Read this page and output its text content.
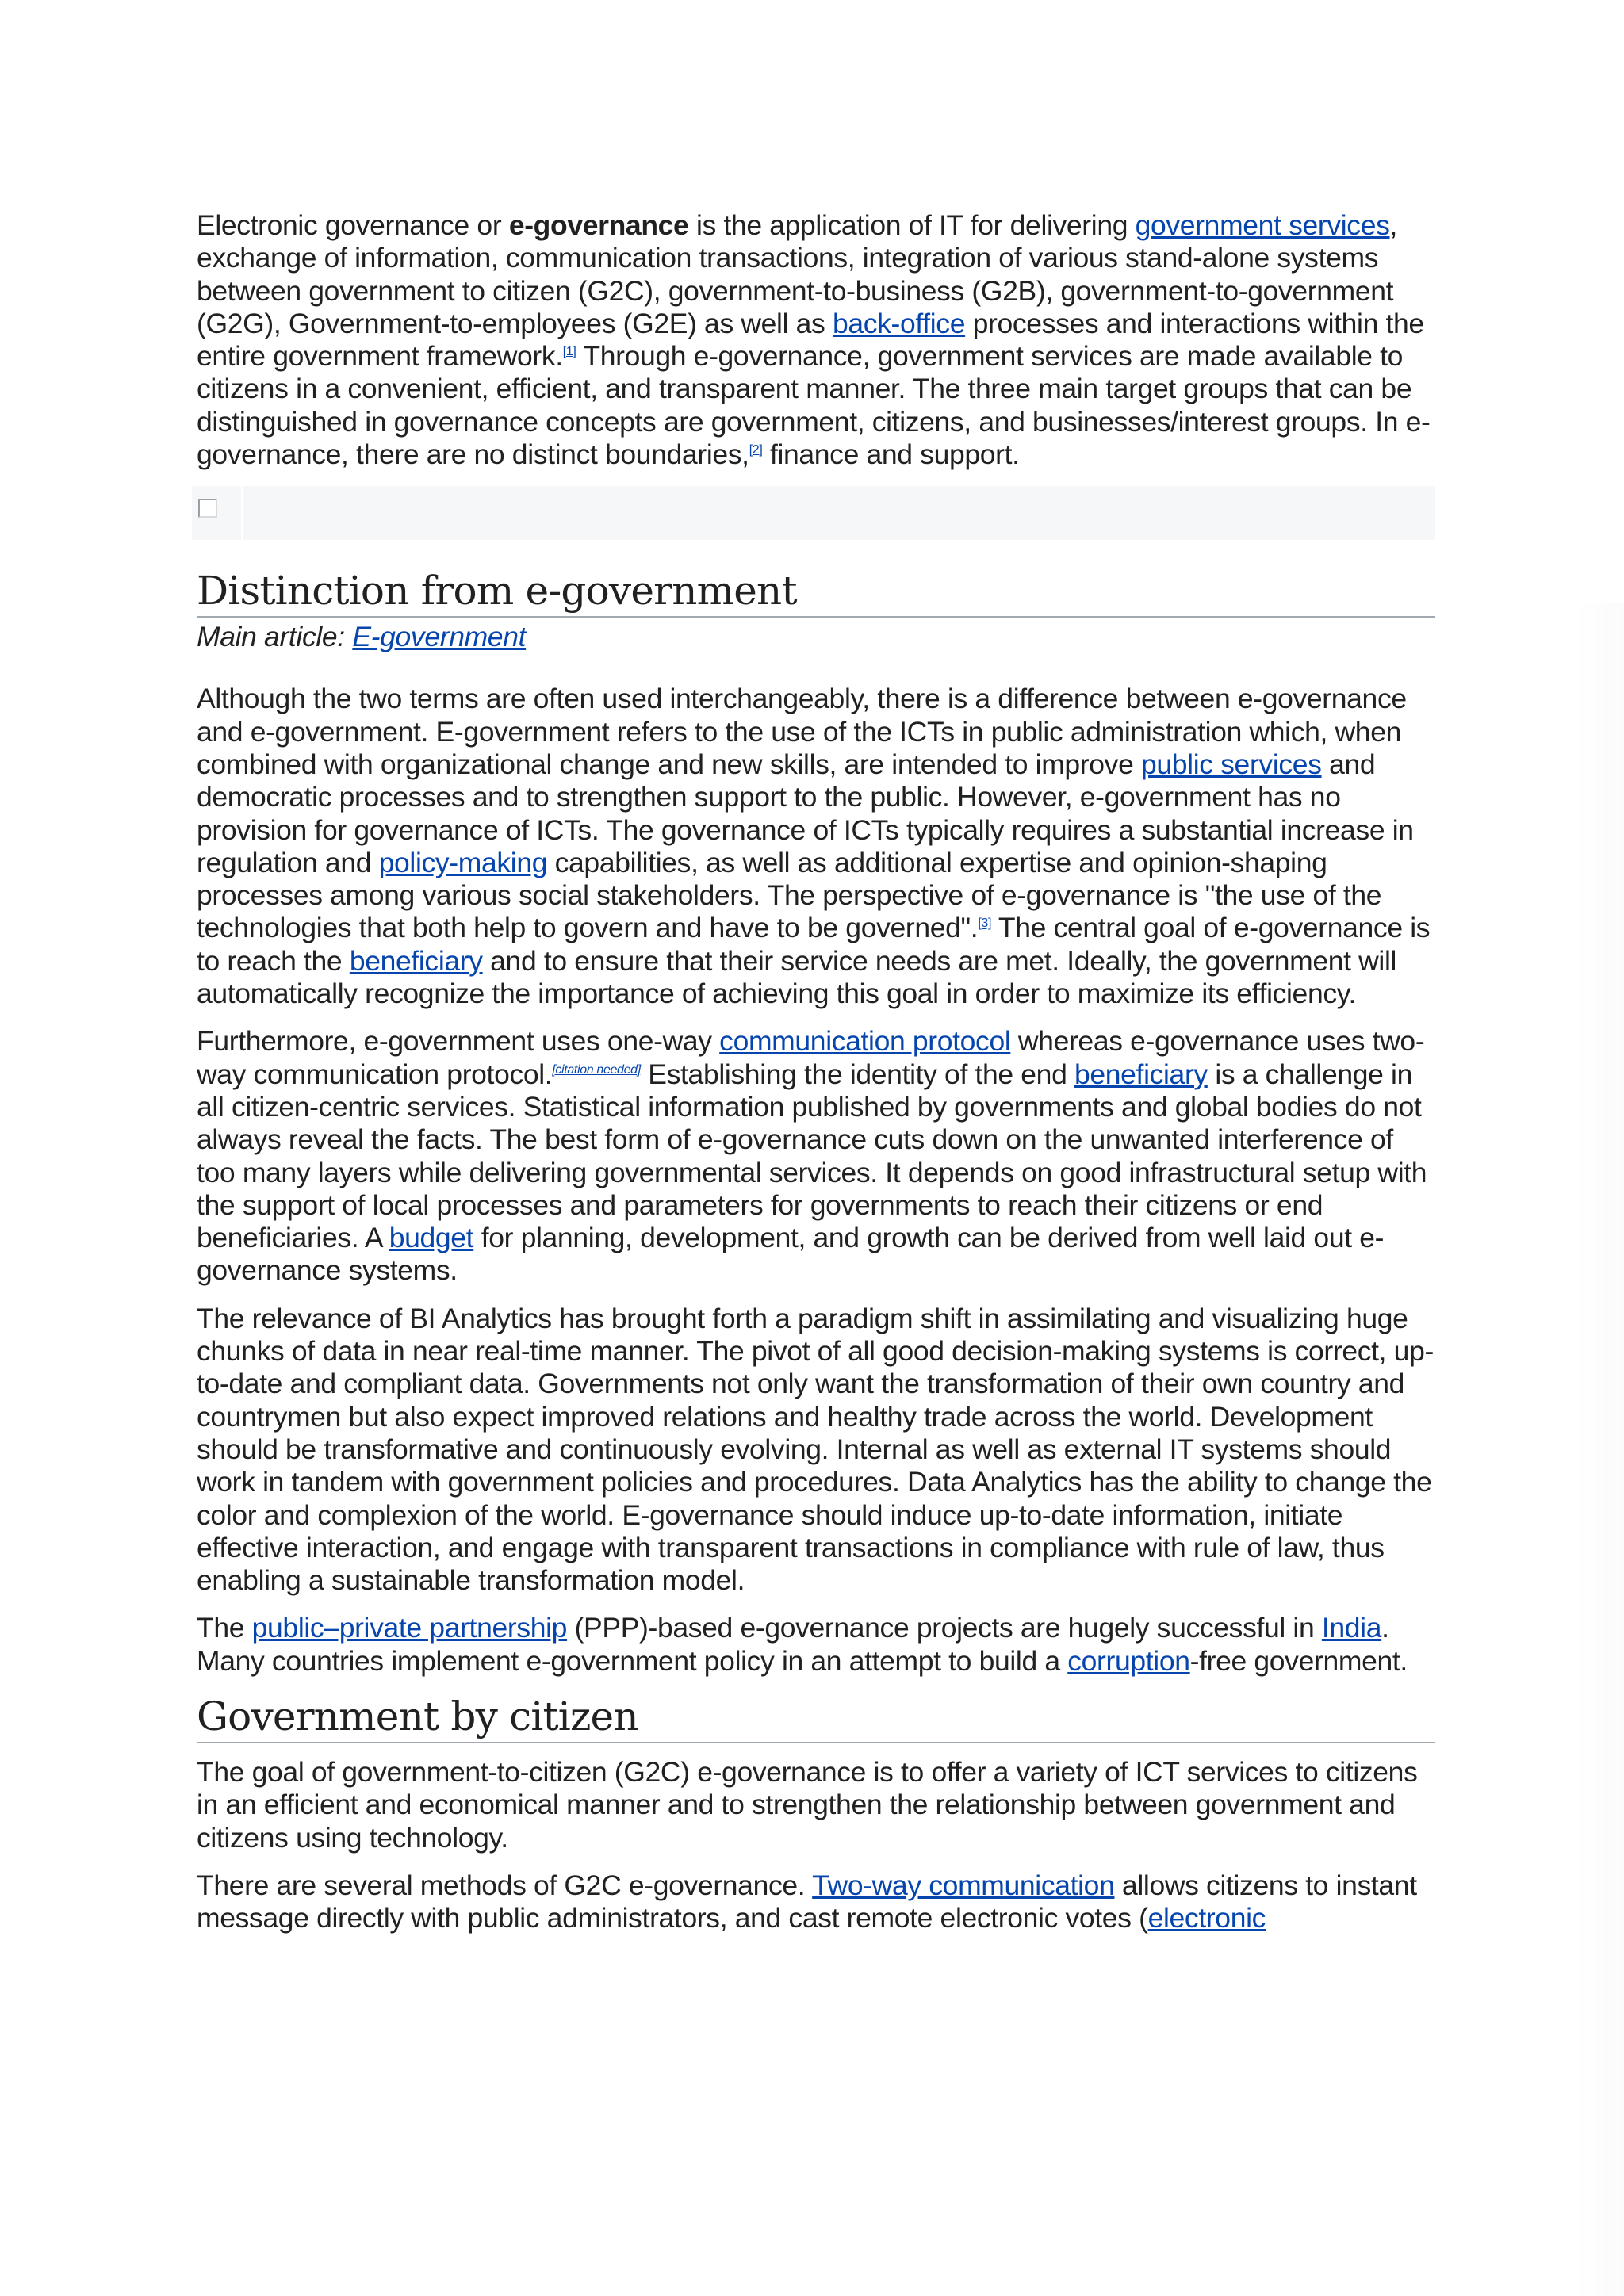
Electronic governance or e-governance is the application of IT for delivering government services, exchange of information, communication transactions, integration of various stand-alone systems between government to citizen (G2C), government-to-business (G2B), government-to-government (G2G), Government-to-employees (G2E) as well as back-office processes and interactions within the entire government framework.[1] Through e-governance, government services are made available to citizens in a convenient, efficient, and transparent manner. The three main target groups that can be distinguished in governance concepts are government, citizens, and businesses/interest groups. In e-governance, there are no distinct boundaries,[2] finance and support.

Distinction from e-government
Main article: E-government

Although the two terms are often used interchangeably, there is a difference between e-governance and e-government. E-government refers to the use of the ICTs in public administration which, when combined with organizational change and new skills, are intended to improve public services and democratic processes and to strengthen support to the public. However, e-government has no provision for governance of ICTs. The governance of ICTs typically requires a substantial increase in regulation and policy-making capabilities, as well as additional expertise and opinion-shaping processes among various social stakeholders. The perspective of e-governance is "the use of the technologies that both help to govern and have to be governed".[3] The central goal of e-governance is to reach the beneficiary and to ensure that their service needs are met. Ideally, the government will automatically recognize the importance of achieving this goal in order to maximize its efficiency.

Furthermore, e-government uses one-way communication protocol whereas e-governance uses two-way communication protocol.[citation needed] Establishing the identity of the end beneficiary is a challenge in all citizen-centric services. Statistical information published by governments and global bodies do not always reveal the facts. The best form of e-governance cuts down on the unwanted interference of too many layers while delivering governmental services. It depends on good infrastructural setup with the support of local processes and parameters for governments to reach their citizens or end beneficiaries. A budget for planning, development, and growth can be derived from well laid out e-governance systems.

The relevance of BI Analytics has brought forth a paradigm shift in assimilating and visualizing huge chunks of data in near real-time manner. The pivot of all good decision-making systems is correct, up-to-date and compliant data. Governments not only want the transformation of their own country and countrymen but also expect improved relations and healthy trade across the world. Development should be transformative and continuously evolving. Internal as well as external IT systems should work in tandem with government policies and procedures. Data Analytics has the ability to change the color and complexion of the world. E-governance should induce up-to-date information, initiate effective interaction, and engage with transparent transactions in compliance with rule of law, thus enabling a sustainable transformation model.

The public–private partnership (PPP)-based e-governance projects are hugely successful in India. Many countries implement e-government policy in an attempt to build a corruption-free government.

Government by citizen

The goal of government-to-citizen (G2C) e-governance is to offer a variety of ICT services to citizens in an efficient and economical manner and to strengthen the relationship between government and citizens using technology.

There are several methods of G2C e-governance. Two-way communication allows citizens to instant message directly with public administrators, and cast remote electronic votes (electronic
